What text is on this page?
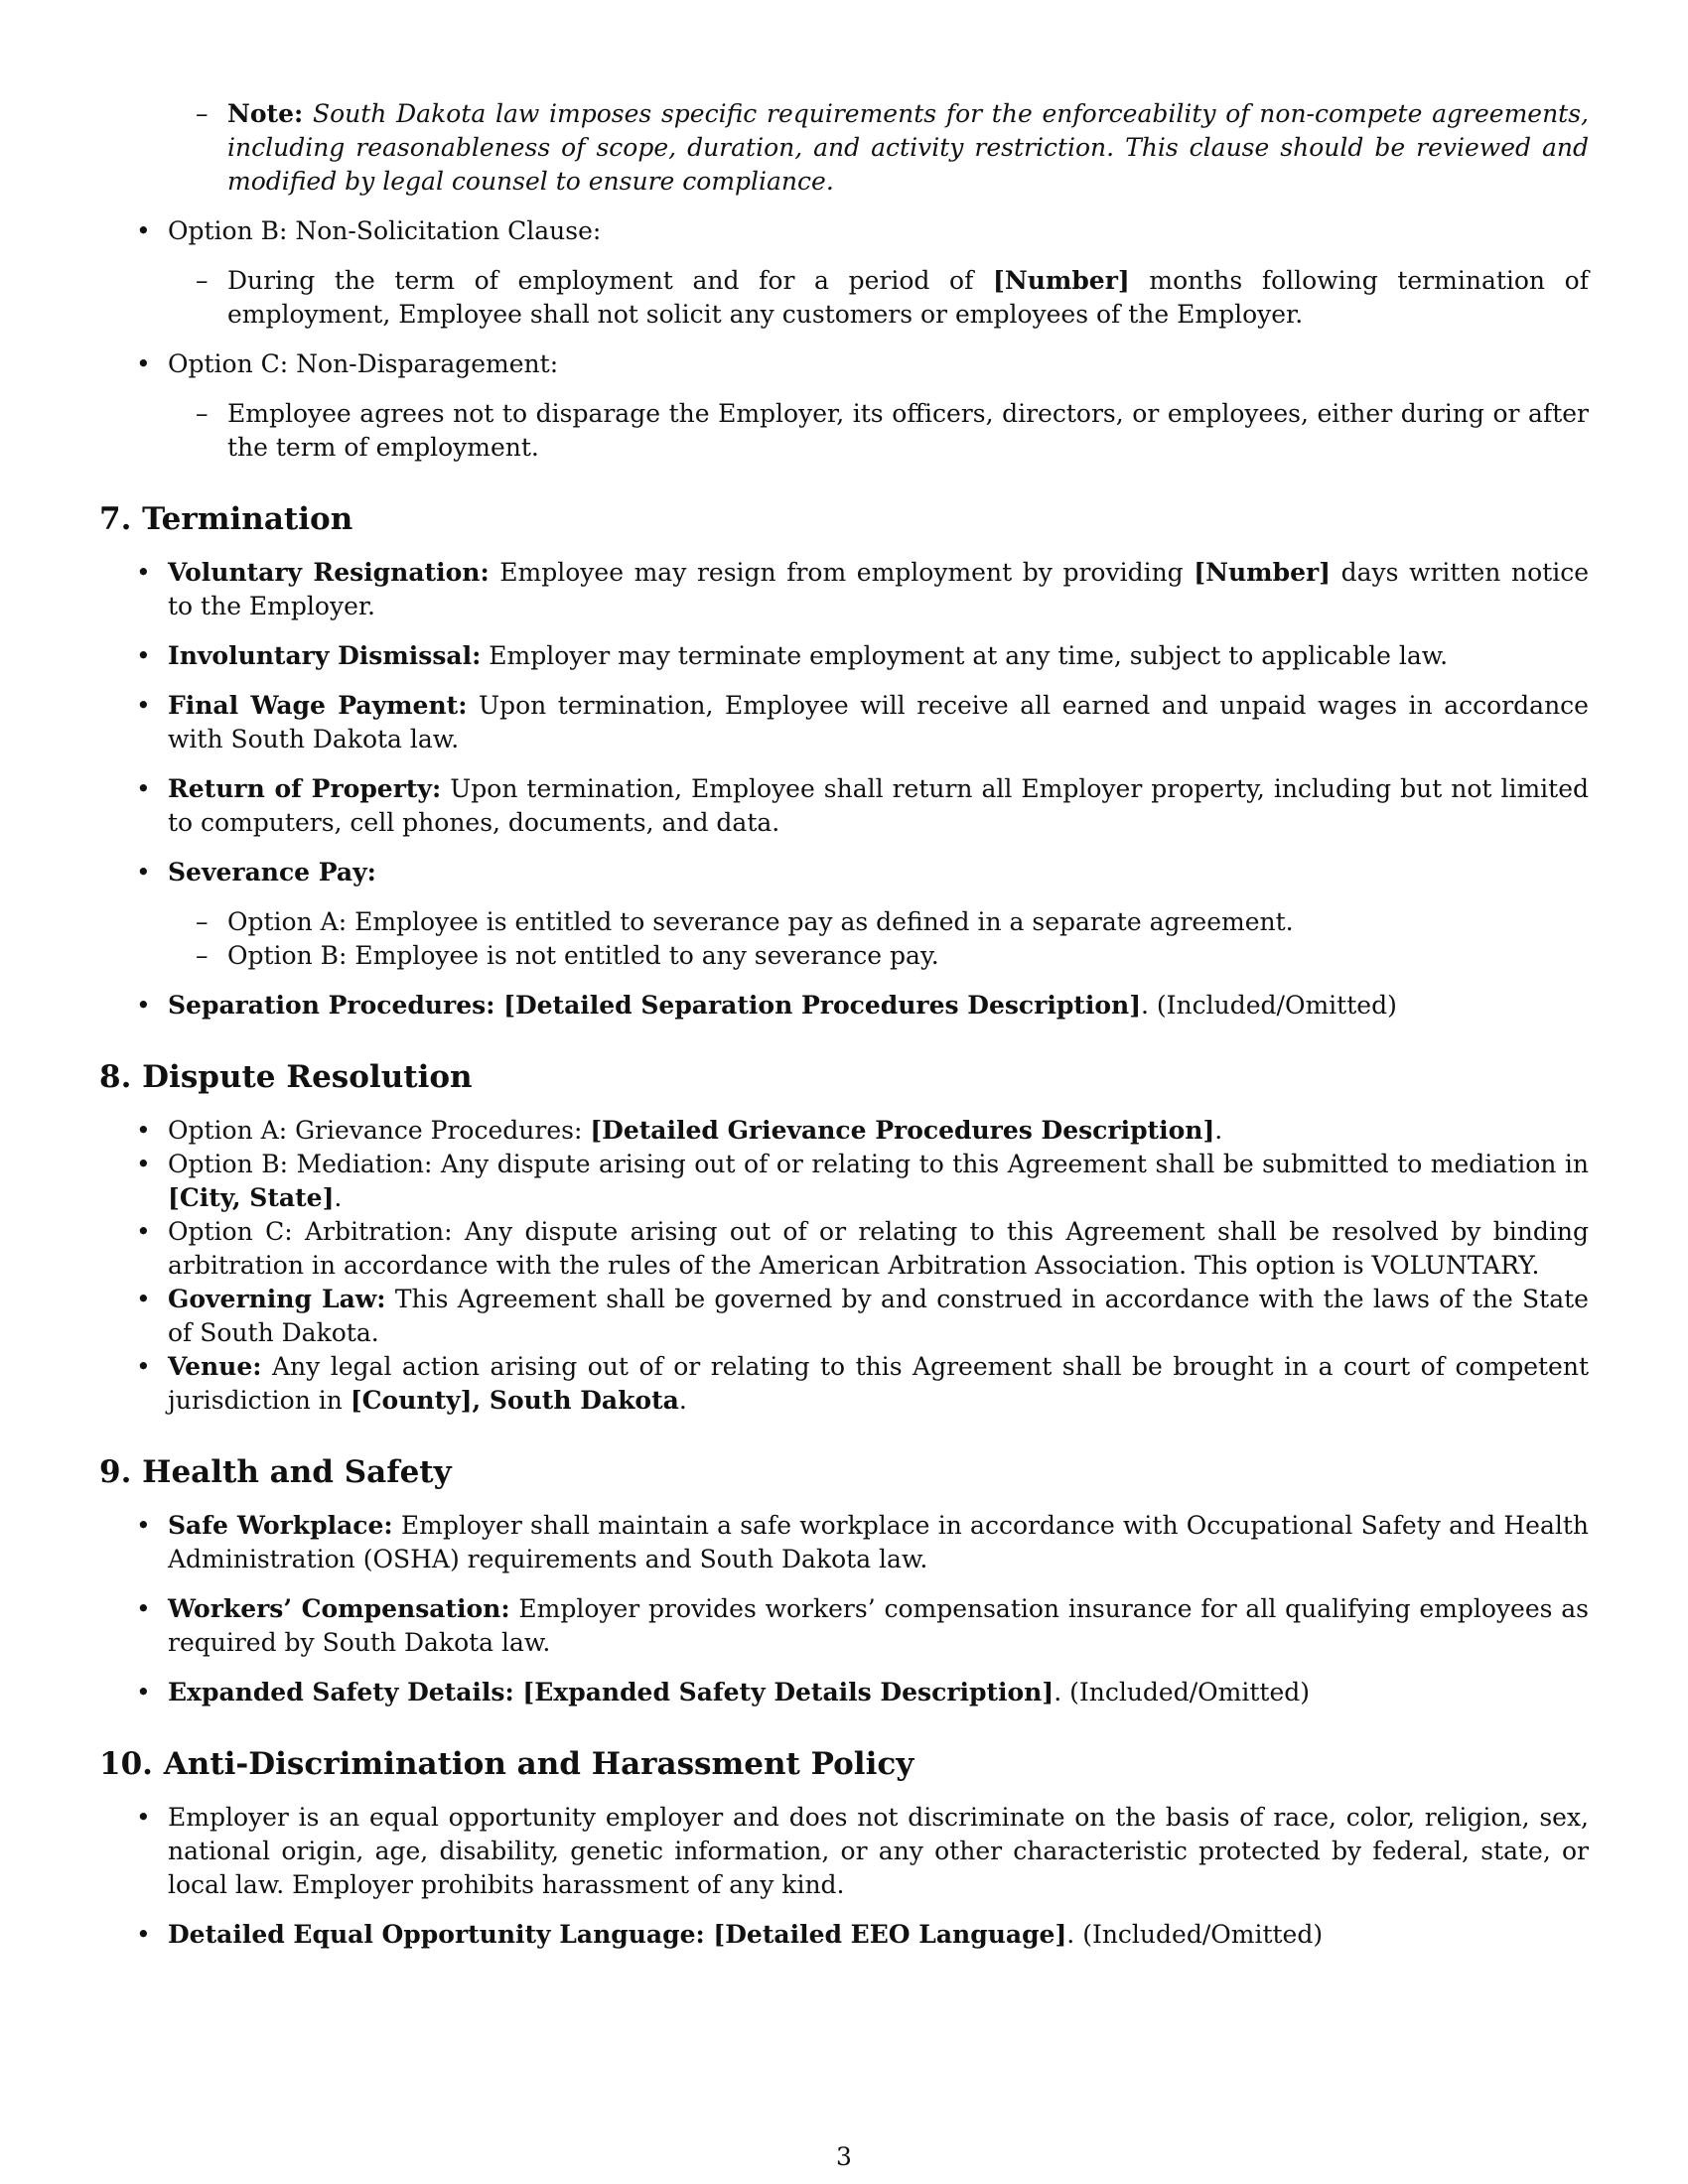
– Note: South Dakota law imposes specific requirements for the enforceability of non-compete agreements, including reasonableness of scope, duration, and activity restriction. This clause should be reviewed and modified by legal counsel to ensure compliance.

• Option B: Non-Solicitation Clause:
– During the term of employment and for a period of [Number] months following termination of employment, Employee shall not solicit any customers or employees of the Employer.
• Option C: Non-Disparagement:
– Employee agrees not to disparage the Employer, its officers, directors, or employees, either during or after the term of employment.
7. Termination
• Voluntary Resignation: Employee may resign from employment by providing [Number] days written notice to the Employer.
• Involuntary Dismissal: Employer may terminate employment at any time, subject to applicable law.
• Final Wage Payment: Upon termination, Employee will receive all earned and unpaid wages in accordance with South Dakota law.
• Return of Property: Upon termination, Employee shall return all Employer property, including but not limited to computers, cell phones, documents, and data.
• Severance Pay:
– Option A: Employee is entitled to severance pay as defined in a separate agreement.
– Option B: Employee is not entitled to any severance pay.
• Separation Procedures: [Detailed Separation Procedures Description]. (Included/Omitted)
8. Dispute Resolution
• Option A: Grievance Procedures: [Detailed Grievance Procedures Description].
• Option B: Mediation: Any dispute arising out of or relating to this Agreement shall be submitted to mediation in [City, State].
• Option C: Arbitration: Any dispute arising out of or relating to this Agreement shall be resolved by binding arbitration in accordance with the rules of the American Arbitration Association. This option is VOLUNTARY.
• Governing Law: This Agreement shall be governed by and construed in accordance with the laws of the State of South Dakota.
• Venue: Any legal action arising out of or relating to this Agreement shall be brought in a court of competent jurisdiction in [County], South Dakota.
9. Health and Safety
• Safe Workplace: Employer shall maintain a safe workplace in accordance with Occupational Safety and Health Administration (OSHA) requirements and South Dakota law.
• Workers’ Compensation: Employer provides workers’ compensation insurance for all qualifying employees as required by South Dakota law.
• Expanded Safety Details: [Expanded Safety Details Description]. (Included/Omitted)
10. Anti-Discrimination and Harassment Policy
• Employer is an equal opportunity employer and does not discriminate on the basis of race, color, religion, sex, national origin, age, disability, genetic information, or any other characteristic protected by federal, state, or local law. Employer prohibits harassment of any kind.
• Detailed Equal Opportunity Language: [Detailed EEO Language]. (Included/Omitted)
3
